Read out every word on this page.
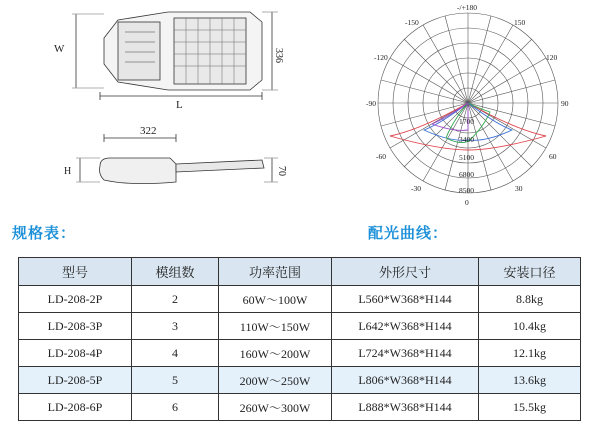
W	336
L
322
H	70
-/+180
-150	150
-120	120
-90	90
-60	60
-30	30
0
1700
3400
5100
6800
8500
规格表：	配光曲线：
型号	模组数	功率范围	外形尺寸	安装口径
LD-208-2P	2	60W～100W	L560*W368*H144	8.8kg
LD-208-3P	3	110W～150W	L642*W368*H144	10.4kg
LD-208-4P	4	160W～200W	L724*W368*H144	12.1kg
LD-208-5P	5	200W～250W	L806*W368*H144	13.6kg
LD-208-6P	6	260W～300W	L888*W368*H144	15.5kg
